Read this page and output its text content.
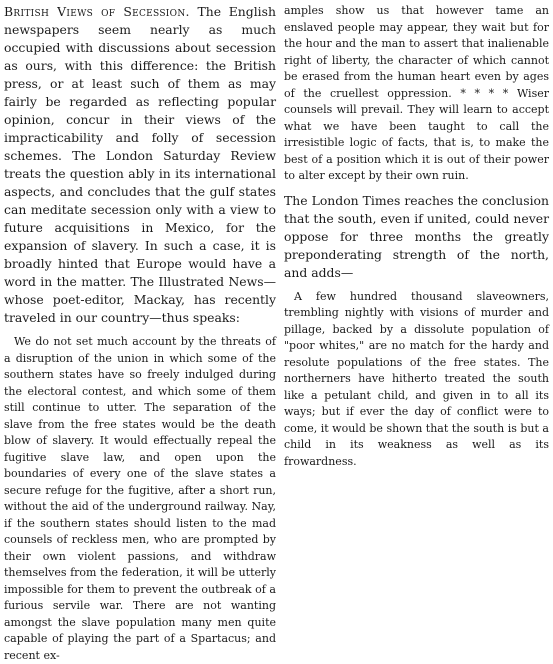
British Views of Secession. The English newspapers seem nearly as much occupied with discussions about secession as ours, with this difference: the British press, or at least such of them as may fairly be regarded as reflecting popular opinion, concur in their views of the impracticability and folly of secession schemes. The London Saturday Review treats the question ably in its international aspects, and concludes that the gulf states can meditate secession only with a view to future acquisitions in Mexico, for the expansion of slavery. In such a case, it is broadly hinted that Europe would have a word in the matter. The Illustrated News—whose poet-editor, Mackay, has recently traveled in our country—thus speaks:

We do not set much account by the threats of a disruption of the union in which some of the southern states have so freely indulged during the electoral contest, and which some of them still continue to utter. The separation of the slave from the free states would be the death blow of slavery. It would effectually repeal the fugitive slave law, and open upon the boundaries of every one of the slave states a secure refuge for the fugitive, after a short run, without the aid of the underground railway. Nay, if the southern states should listen to the mad counsels of reckless men, who are prompted by their own violent passions, and withdraw themselves from the federation, it will be utterly impossible for them to prevent the outbreak of a furious servile war. There are not wanting amongst the slave population many men quite capable of playing the part of a Spartacus; and recent ex-

amples show us that however tame an enslaved people may appear, they wait but for the hour and the man to assert that inalienable right of liberty, the character of which cannot be erased from the human heart even by ages of the cruellest oppression. * * * * Wiser counsels will prevail. They will learn to accept what we have been taught to call the irresistible logic of facts, that is, to make the best of a position which it is out of their power to alter except by their own ruin.

The London Times reaches the conclusion that the south, even if united, could never oppose for three months the greatly preponderating strength of the north, and adds—

A few hundred thousand slaveowners, trembling nightly with visions of murder and pillage, backed by a dissolute population of "poor whites," are no match for the hardy and resolute populations of the free states. The northerners have hitherto treated the south like a petulant child, and given in to all its ways; but if ever the day of conflict were to come, it would be shown that the south is but a child in its weakness as well as its frowardness.
